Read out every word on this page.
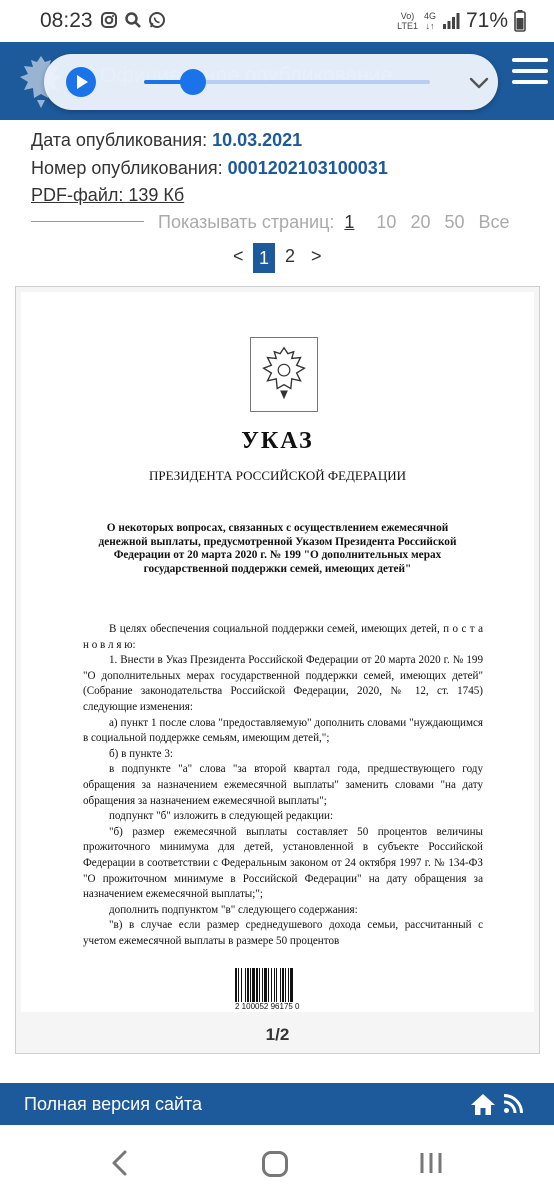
08:23	Vo)
LTE1
4G
↓↑ 71%
Дата опубликования: 10.03.2021
Номер опубликования: 0001202103100031
PDF-файл: 139 Кб
Показывать страниц: 1 10 20 50 Все
< 1 2 >
УКАЗ
ПРЕЗИДЕНТА РОССИЙСКОЙ ФЕДЕРАЦИИ
О некоторых вопросах, связанных с осуществлением ежемесячной денежной выплаты, предусмотренной Указом Президента Российской Федерации от 20 марта 2020 г. № 199 "О дополнительных мерах государственной поддержки семей, имеющих детей"

В целях обеспечения социальной поддержки семей, имеющих детей, п о с т а н о в л я ю:

1. Внести в Указ Президента Российской Федерации от 20 марта 2020 г. № 199 "О дополнительных мерах государственной поддержки семей, имеющих детей" (Собрание законодательства Российской Федерации, 2020, № 12, ст. 1745) следующие изменения:

а) пункт 1 после слова "предоставляемую" дополнить словами "нуждающимся в социальной поддержке семьям, имеющим детей,";

б) в пункте 3:

в подпункте "а" слова "за второй квартал года, предшествующего году обращения за назначением ежемесячной выплаты" заменить словами "на дату обращения за назначением ежемесячной выплаты";

подпункт "б" изложить в следующей редакции:

"б) размер ежемесячной выплаты составляет 50 процентов величины прожиточного минимума для детей, установленной в субъекте Российской Федерации в соответствии с Федеральным законом от 24 октября 1997 г. № 134-ФЗ "О прожиточном минимуме в Российской Федерации" на дату обращения за назначением ежемесячной выплаты;";

дополнить подпунктом "в" следующего содержания:

"в) в случае если размер среднедушевого дохода семьи, рассчитанный с учетом ежемесячной выплаты в размере 50 процентов

2 100052 96175 0
1/2
Полная версия сайта
